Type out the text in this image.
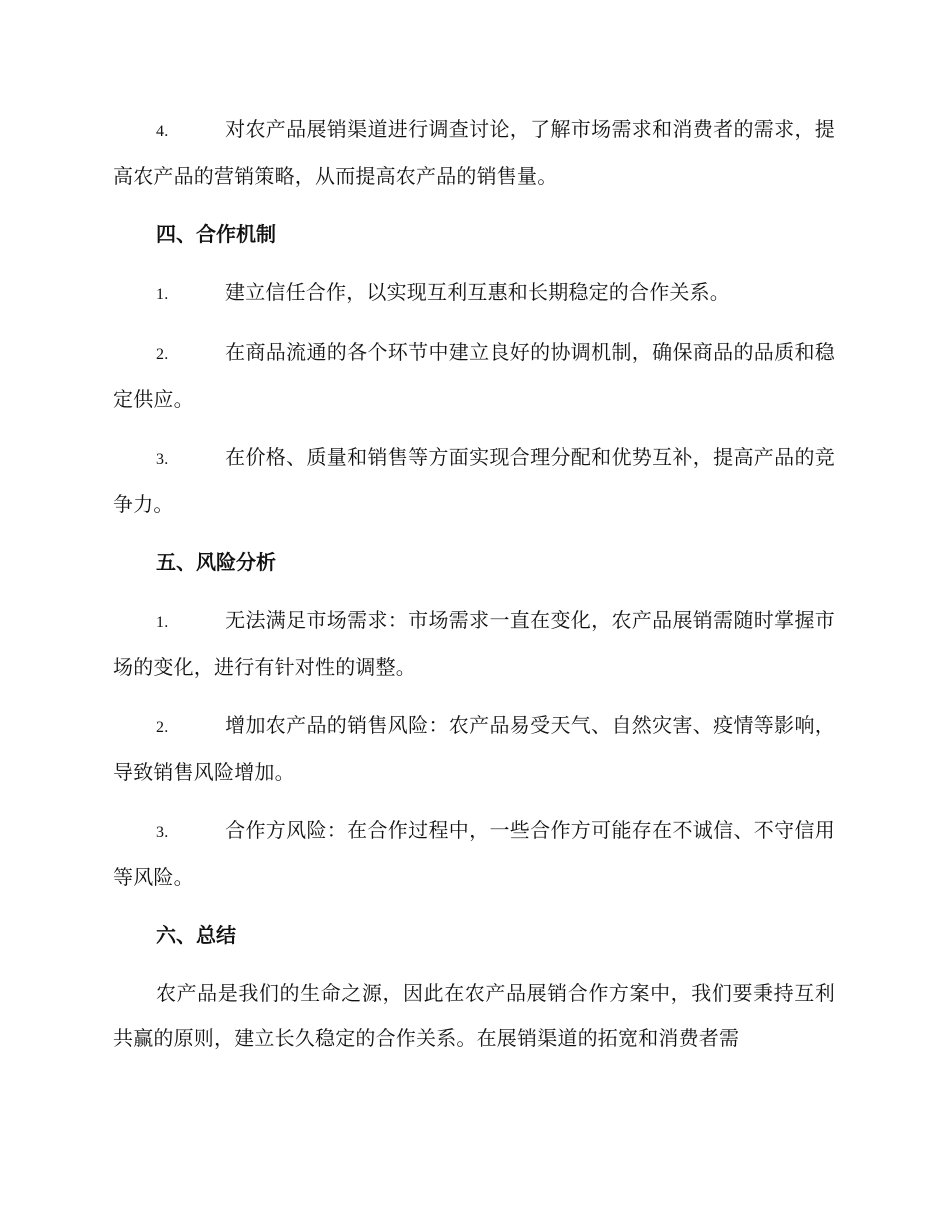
4.	对农产品展销渠道进行调查讨论，了解市场需求和消费者的需求，提高农产品的营销策略，从而提高农产品的销售量。

四、合作机制

1.	建立信任合作，以实现互利互惠和长期稳定的合作关系。

2.	在商品流通的各个环节中建立良好的协调机制，确保商品的品质和稳定供应。

3.	在价格、质量和销售等方面实现合理分配和优势互补，提高产品的竞争力。

五、风险分析

1.	无法满足市场需求：市场需求一直在变化，农产品展销需随时掌握市场的变化，进行有针对性的调整。

2.	增加农产品的销售风险：农产品易受天气、自然灾害、疫情等影响，导致销售风险增加。

3.	合作方风险：在合作过程中，一些合作方可能存在不诚信、不守信用等风险。

六、总结

农产品是我们的生命之源，因此在农产品展销合作方案中，我们要秉持互利共赢的原则，建立长久稳定的合作关系。在展销渠道的拓宽和消费者需
